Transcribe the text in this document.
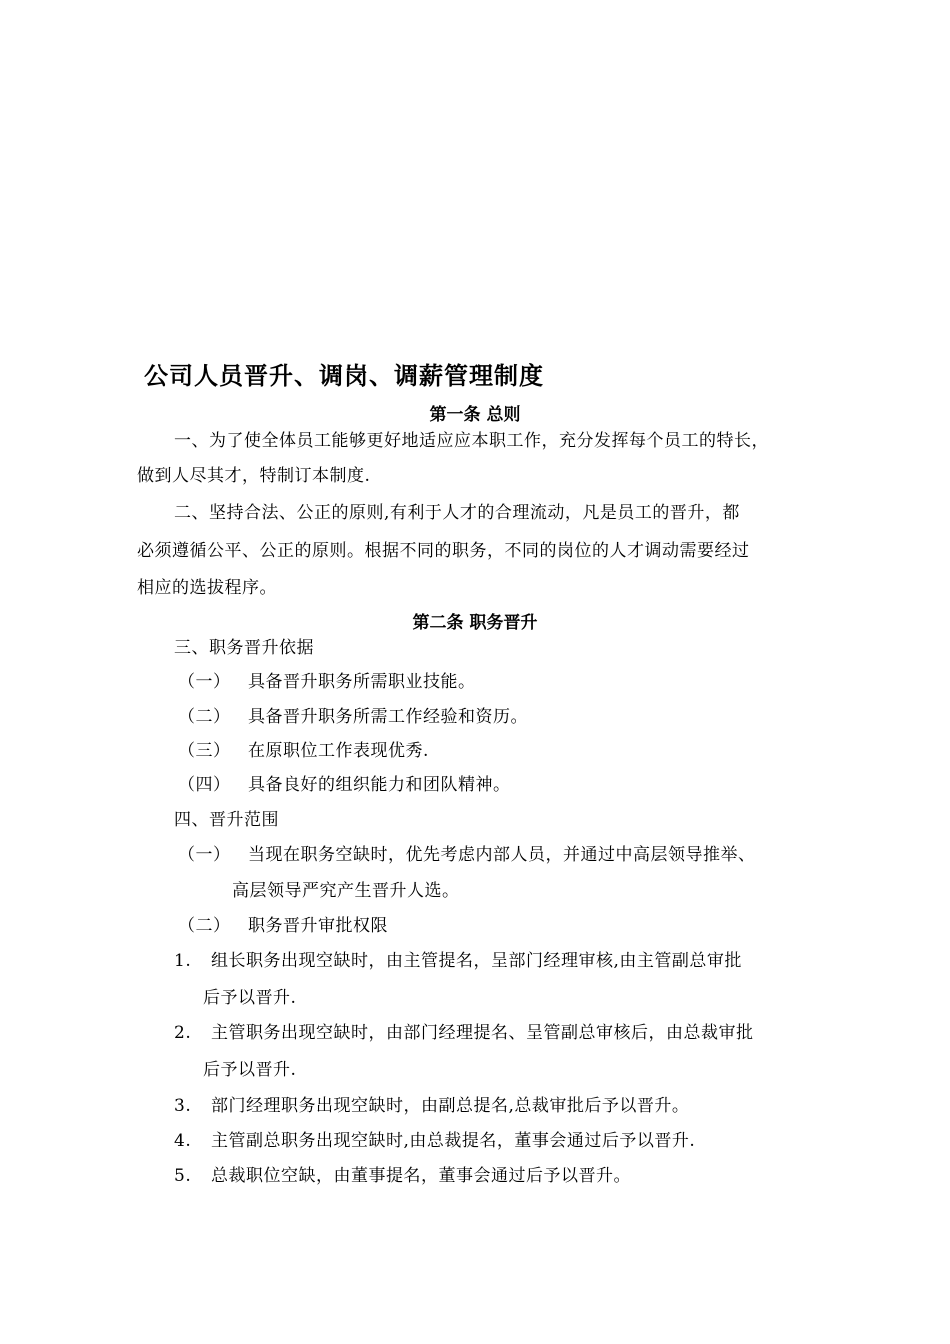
公司人员晋升、调岗、调薪管理制度
第一条 总则
一、为了使全体员工能够更好地适应应本职工作，充分发挥每个员工的特长，
做到人尽其才，特制订本制度.
二、坚持合法、公正的原则,有利于人才的合理流动，凡是员工的晋升，都
必须遵循公平、公正的原则。根据不同的职务，不同的岗位的人才调动需要经过
相应的选拔程序。
第二条 职务晋升
三、职务晋升依据
（一） 具备晋升职务所需职业技能。
（二） 具备晋升职务所需工作经验和资历。
（三） 在原职位工作表现优秀.
（四） 具备良好的组织能力和团队精神。
四、晋升范围
（一） 当现在职务空缺时，优先考虑内部人员，并通过中高层领导推举、
高层领导严究产生晋升人选。
（二） 职务晋升审批权限
1. 组长职务出现空缺时，由主管提名，呈部门经理审核,由主管副总审批
后予以晋升.
2. 主管职务出现空缺时，由部门经理提名、呈管副总审核后，由总裁审批
后予以晋升.
3. 部门经理职务出现空缺时，由副总提名,总裁审批后予以晋升。
4. 主管副总职务出现空缺时,由总裁提名，董事会通过后予以晋升.
5. 总裁职位空缺，由董事提名，董事会通过后予以晋升。
